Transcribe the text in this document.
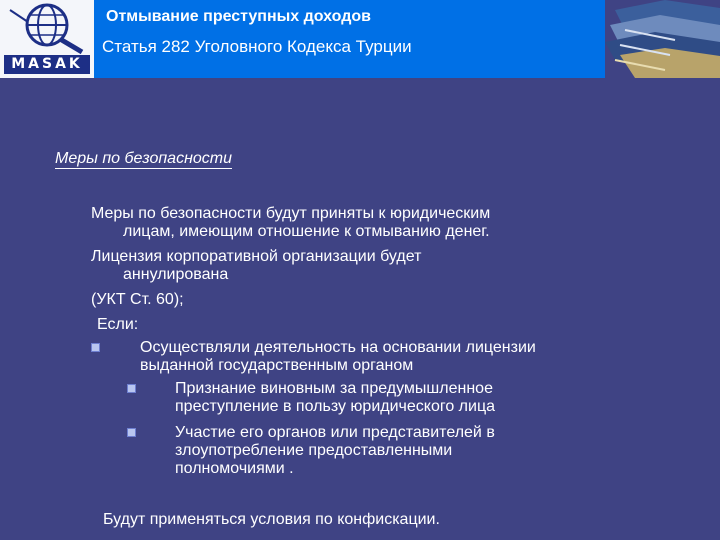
MASAK
Отмывание преступных доходов
Статья 282 Уголовного Кодекса Турции
Меры по безопасности
Меры по безопасности будут приняты к юридическим
лицам, имеющим отношение к отмыванию денег.
Лицензия корпоративной организации будет
аннулирована
(УКТ Ст. 60);
Если:
Осуществляли деятельность на основании лицензии
выданной государственным органом
Признание виновным за предумышленное
преступление в пользу юридического лица
Участие его органов или представителей в
злоупотребление предоставленными
полномочиями .
Будут применяться условия по конфискации.
